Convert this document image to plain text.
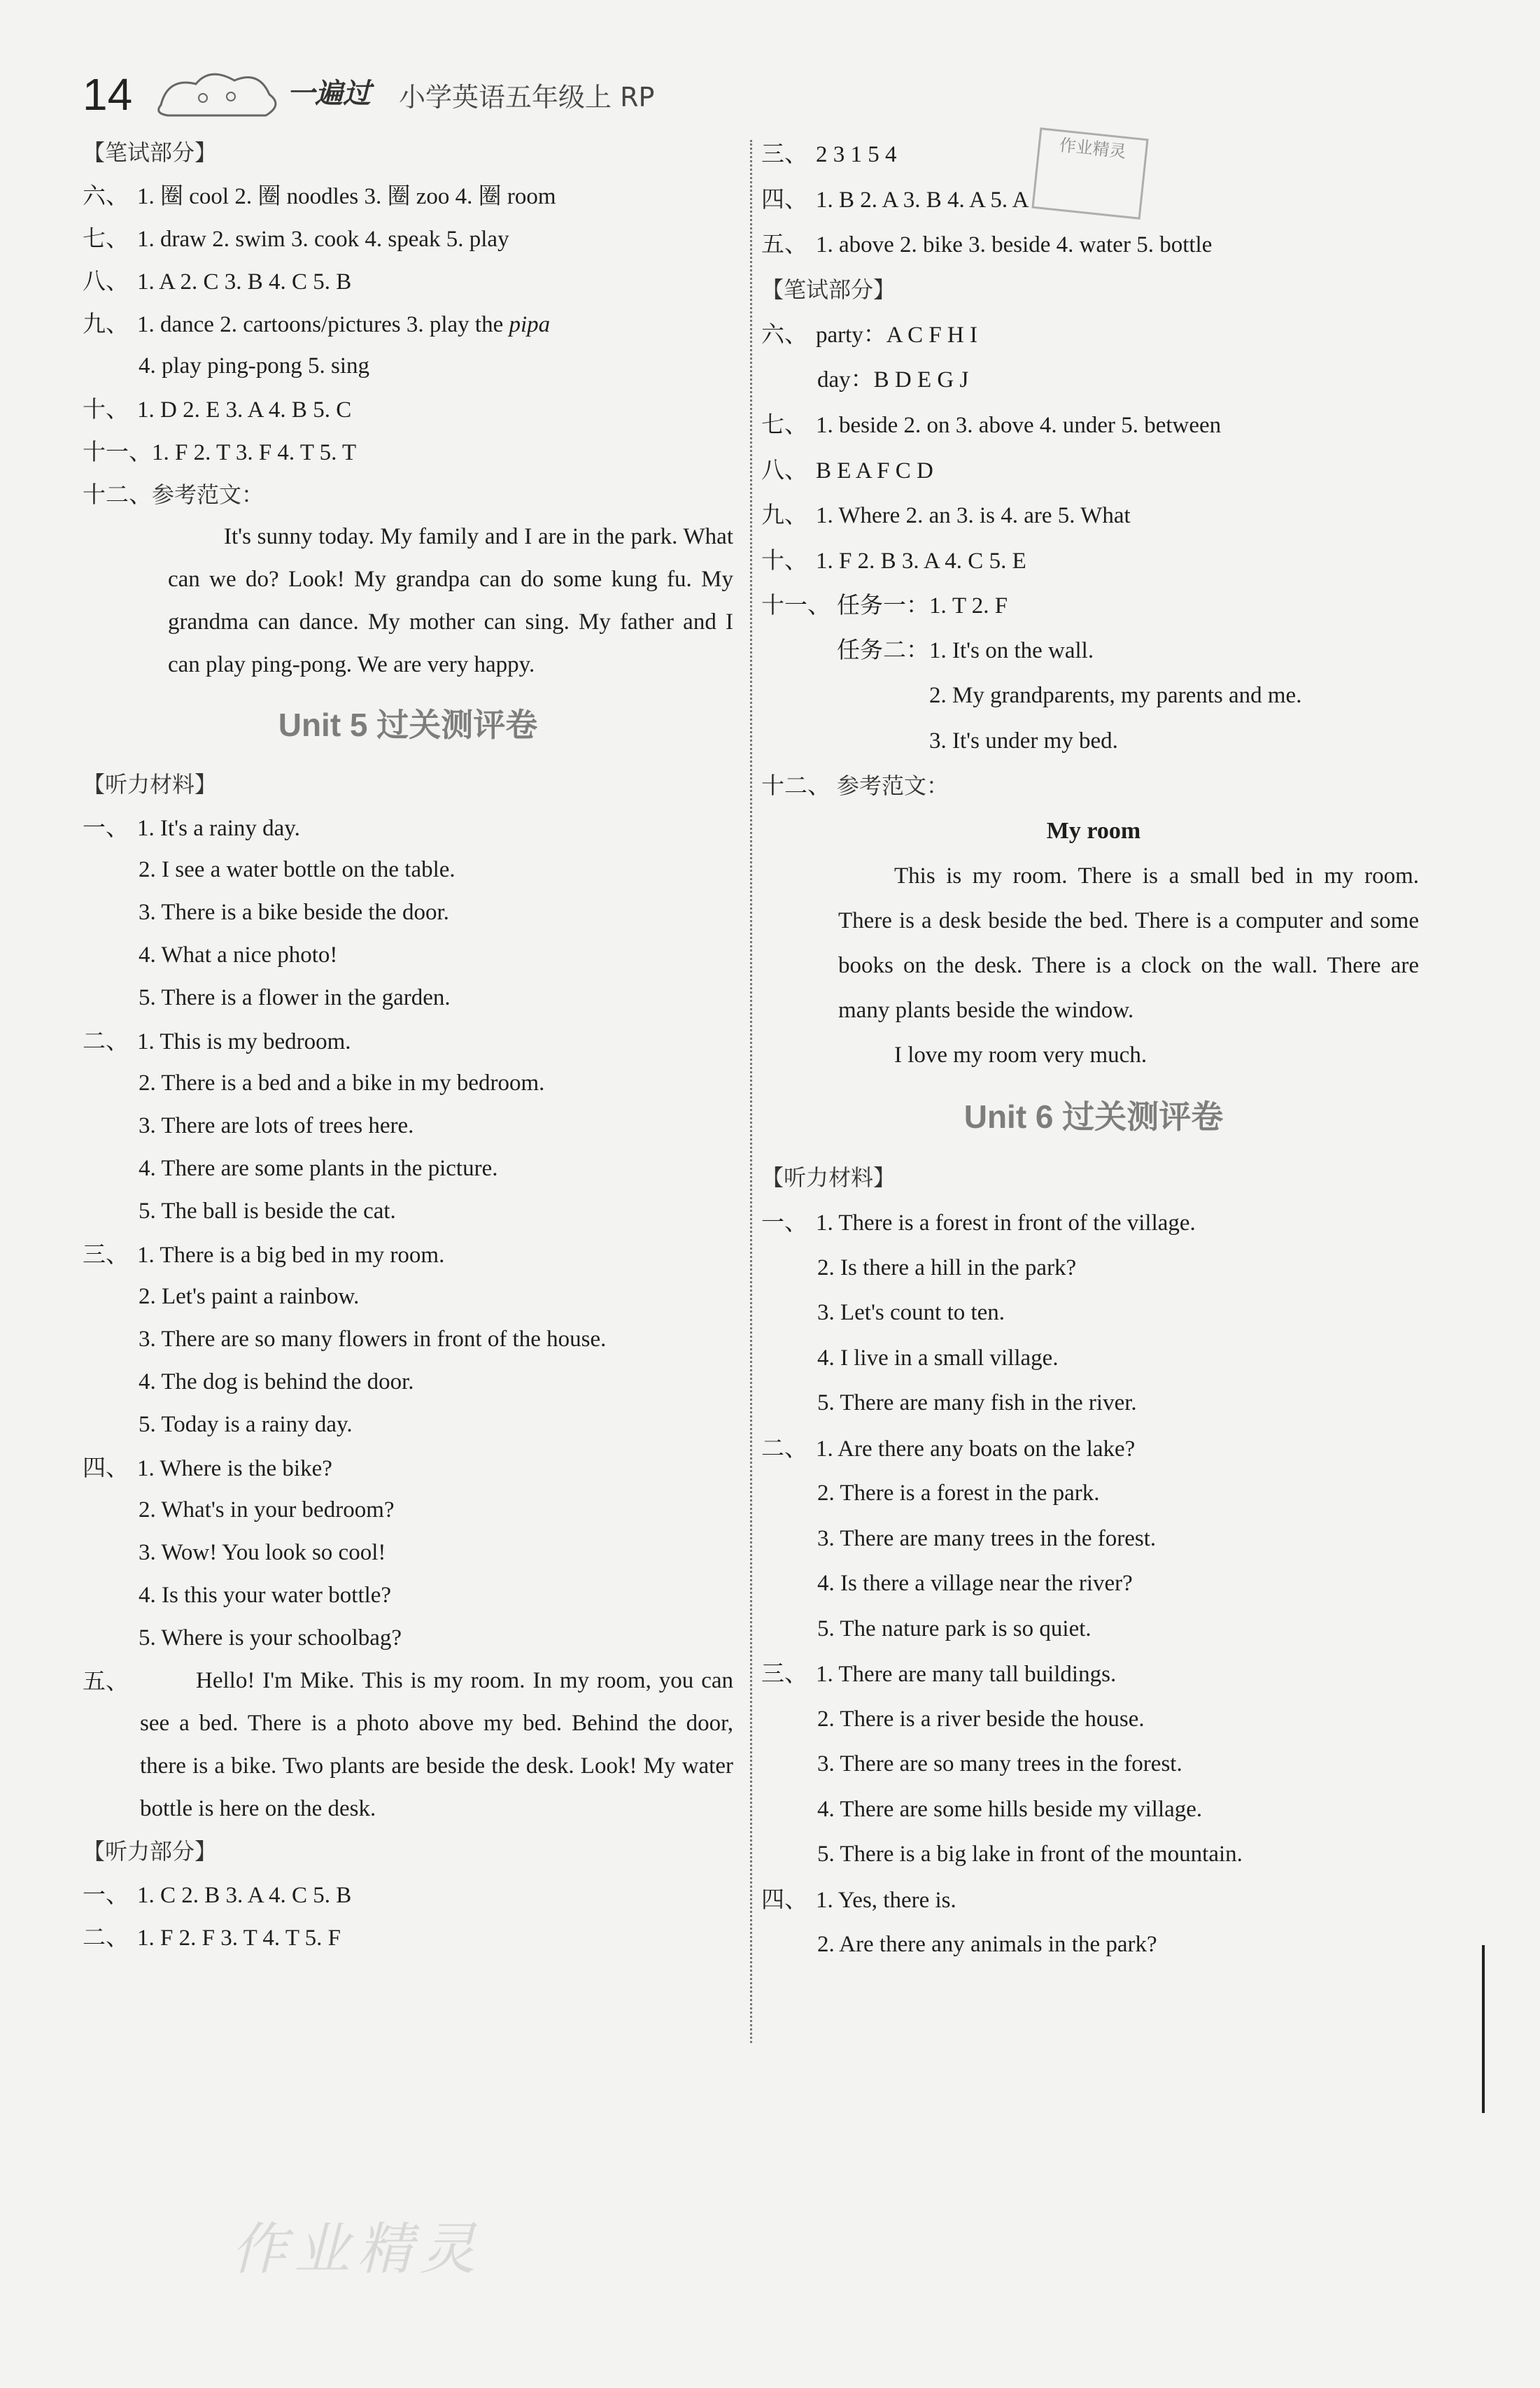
14	一遍过 小学英语五年级上 RP
作业精灵
【笔试部分】
六、 1. 圈 cool 2. 圈 noodles 3. 圈 zoo 4. 圈 room
七、 1. draw 2. swim 3. cook 4. speak 5. play
八、 1. A 2. C 3. B 4. C 5. B
九、 1. dance 2. cartoons/pictures 3. play the pipa
4. play ping-pong 5. sing
十、 1. D 2. E 3. A 4. B 5. C
十一、1. F 2. T 3. F 4. T 5. T
十二、参考范文：
It's sunny today. My family and I are in the park. What can we do? Look! My grandpa can do some kung fu. My grandma can dance. My mother can sing. My father and I can play ping-pong. We are very happy.
Unit 5 过关测评卷
【听力材料】
一、 1. It's a rainy day.
2. I see a water bottle on the table.
3. There is a bike beside the door.
4. What a nice photo!
5. There is a flower in the garden.
二、 1. This is my bedroom.
2. There is a bed and a bike in my bedroom.
3. There are lots of trees here.
4. There are some plants in the picture.
5. The ball is beside the cat.
三、 1. There is a big bed in my room.
2. Let's paint a rainbow.
3. There are so many flowers in front of the house.
4. The dog is behind the door.
5. Today is a rainy day.
四、 1. Where is the bike?
2. What's in your bedroom?
3. Wow! You look so cool!
4. Is this your water bottle?
5. Where is your schoolbag?
五、	Hello! I'm Mike. This is my room. In my room, you can see a bed. There is a photo above my bed. Behind the door, there is a bike. Two plants are beside the desk. Look! My water bottle is here on the desk.
【听力部分】
一、 1. C 2. B 3. A 4. C 5. B
二、 1. F 2. F 3. T 4. T 5. F
三、 2 3 1 5 4
四、 1. B 2. A 3. B 4. A 5. A
五、 1. above 2. bike 3. beside 4. water 5. bottle
【笔试部分】
六、 party：A C F H I
day：B D E G J
七、 1. beside 2. on 3. above 4. under 5. between
八、 B E A F C D
九、 1. Where 2. an 3. is 4. are 5. What
十、 1. F 2. B 3. A 4. C 5. E
十一、 任务一：1. T 2. F
任务二：1. It's on the wall.
2. My grandparents, my parents and me.
3. It's under my bed.
十二、 参考范文：
My room
This is my room. There is a small bed in my room. There is a desk beside the bed. There is a computer and some books on the desk. There is a clock on the wall. There are many plants beside the window.
I love my room very much.
Unit 6 过关测评卷
【听力材料】
一、 1. There is a forest in front of the village.
2. Is there a hill in the park?
3. Let's count to ten.
4. I live in a small village.
5. There are many fish in the river.
二、 1. Are there any boats on the lake?
2. There is a forest in the park.
3. There are many trees in the forest.
4. Is there a village near the river?
5. The nature park is so quiet.
三、 1. There are many tall buildings.
2. There is a river beside the house.
3. There are so many trees in the forest.
4. There are some hills beside my village.
5. There is a big lake in front of the mountain.
四、 1. Yes, there is.
2. Are there any animals in the park?
作业精灵
